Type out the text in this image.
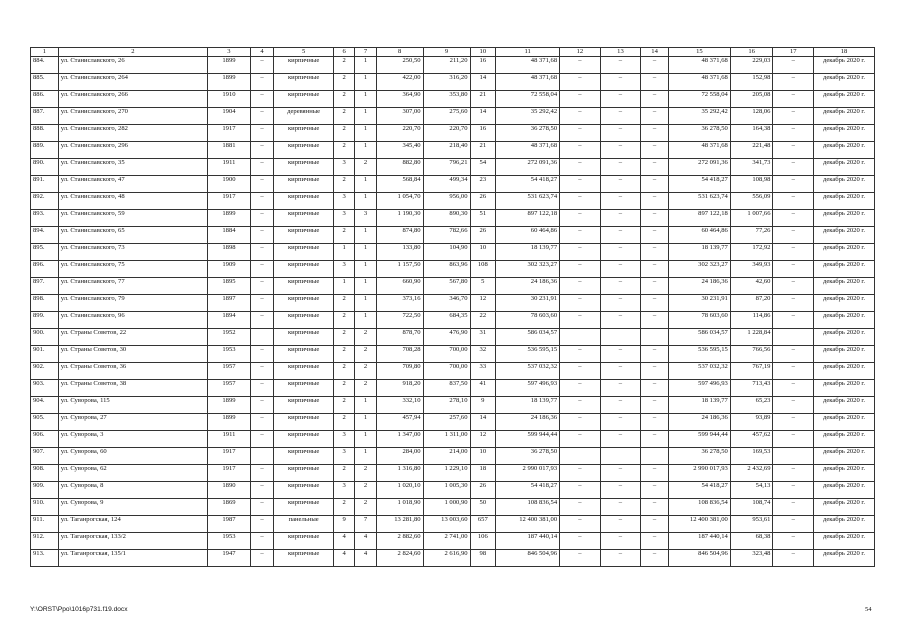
1	2	3	4	5	6	7	8	9	10	11	12	13	14	15	16	17	18
884.	ул. Станиславского, 26	1899	–	кирпичные	2	1	250,50	211,20	16	48 371,68	–	–	–	48 371,68	229,03	–	декабрь 2020 г.
885.	ул. Станиславского, 264	1899	–	кирпичные	2	1	422,00	316,20	14	48 371,68	–	–	–	48 371,68	152,98	–	декабрь 2020 г.
886.	ул. Станиславского, 266	1910	–	кирпичные	2	1	364,90	353,80	21	72 558,04	–	–	–	72 558,04	205,08	–	декабрь 2020 г.
887.	ул. Станиславского, 270	1904	–	деревянные	2	1	307,00	275,60	14	35 292,42	–	–	–	35 292,42	128,06	–	декабрь 2020 г.
888.	ул. Станиславского, 282	1917	–	кирпичные	2	1	220,70	220,70	16	36 278,50	–	–	–	36 278,50	164,38	–	декабрь 2020 г.
889.	ул. Станиславского, 296	1881	–	кирпичные	2	1	345,40	218,40	21	48 371,68	–	–	–	48 371,68	221,48	–	декабрь 2020 г.
890.	ул. Станиславского, 35	1911	–	кирпичные	3	2	882,80	796,21	54	272 091,36	–	–	–	272 091,36	341,73	–	декабрь 2020 г.
891.	ул. Станиславского, 47	1900	–	кирпичные	2	1	568,84	499,34	23	54 418,27	–	–	–	54 418,27	108,98	–	декабрь 2020 г.
892.	ул. Станиславского, 48	1917	–	кирпичные	3	1	1 054,70	956,00	26	531 623,74	–	–	–	531 623,74	556,09	–	декабрь 2020 г.
893.	ул. Станиславского, 59	1899	–	кирпичные	3	3	1 190,30	890,30	51	897 122,18	–	–	–	897 122,18	1 007,66	–	декабрь 2020 г.
894.	ул. Станиславского, 65	1884	–	кирпичные	2	1	874,80	782,66	26	60 464,86	–	–	–	60 464,86	77,26	–	декабрь 2020 г.
895.	ул. Станиславского, 73	1898	–	кирпичные	1	1	133,80	104,90	10	18 139,77	–	–	–	18 139,77	172,92	–	декабрь 2020 г.
896.	ул. Станиславского, 75	1909	–	кирпичные	3	1	1 157,50	863,96	108	302 323,27	–	–	–	302 323,27	349,93	–	декабрь 2020 г.
897.	ул. Станиславского, 77	1895	–	кирпичные	1	1	660,90	567,80	5	24 186,36	–	–	–	24 186,36	42,60	–	декабрь 2020 г.
898.	ул. Станиславского, 79	1897	–	кирпичные	2	1	373,16	346,70	12	30 231,91	–	–	–	30 231,91	87,20	–	декабрь 2020 г.
899.	ул. Станиславского, 96	1894	–	кирпичные	2	1	722,50	684,35	22	78 603,60	–	–	–	78 603,60	114,86	–	декабрь 2020 г.
900.	ул. Страны Советов, 22	1952		кирпичные	2	2	878,70	476,90	31	586 034,57				586 034,57	1 228,84		декабрь 2020 г.
901.	ул. Страны Советов, 30	1953	–	кирпичные	2	2	708,28	700,00	32	536 595,15	–	–	–	536 595,15	766,56	–	декабрь 2020 г.
902.	ул. Страны Советов, 36	1957	–	кирпичные	2	2	709,80	700,00	33	537 032,32	–	–	–	537 032,32	767,19	–	декабрь 2020 г.
903.	ул. Страны Советов, 38	1957	–	кирпичные	2	2	918,20	837,50	41	597 496,93	–	–	–	597 496,93	713,43	–	декабрь 2020 г.
904.	ул. Суворова, 115	1899	–	кирпичные	2	1	332,10	278,10	9	18 139,77	–	–	–	18 139,77	65,23	–	декабрь 2020 г.
905.	ул. Суворова, 27	1899	–	кирпичные	2	1	457,94	257,60	14	24 186,36	–	–	–	24 186,36	93,89	–	декабрь 2020 г.
906.	ул. Суворова, 3	1911	–	кирпичные	3	1	1 347,00	1 311,00	12	599 944,44	–	–	–	599 944,44	457,62	–	декабрь 2020 г.
907.	ул. Суворова, 60	1917		кирпичные	3	1	284,00	214,00	10	36 278,50				36 278,50	169,53		декабрь 2020 г.
908.	ул. Суворова, 62	1917	–	кирпичные	2	2	1 316,80	1 229,10	18	2 990 017,93	–	–	–	2 990 017,93	2 432,69	–	декабрь 2020 г.
909.	ул. Суворова, 8	1890	–	кирпичные	3	2	1 020,10	1 005,30	26	54 418,27	–	–	–	54 418,27	54,13	–	декабрь 2020 г.
910.	ул. Суворова, 9	1869	–	кирпичные	2	2	1 018,90	1 000,90	50	108 836,54	–	–	–	108 836,54	108,74	–	декабрь 2020 г.
911.	ул. Таганрогская, 124	1987	–	панельные	9	7	13 281,80	13 003,60	657	12 400 381,00	–	–	–	12 400 381,00	953,61	–	декабрь 2020 г.
912.	ул. Таганрогская, 133/2	1953	–	кирпичные	4	4	2 882,60	2 741,00	106	187 440,14	–	–	–	187 440,14	68,38	–	декабрь 2020 г.
913.	ул. Таганрогская, 135/1	1947	–	кирпичные	4	4	2 824,60	2 616,90	98	846 504,96	–	–	–	846 504,96	323,48	–	декабрь 2020 г.
Y:\ORST\Ppo\1016p731.f19.docx	54
